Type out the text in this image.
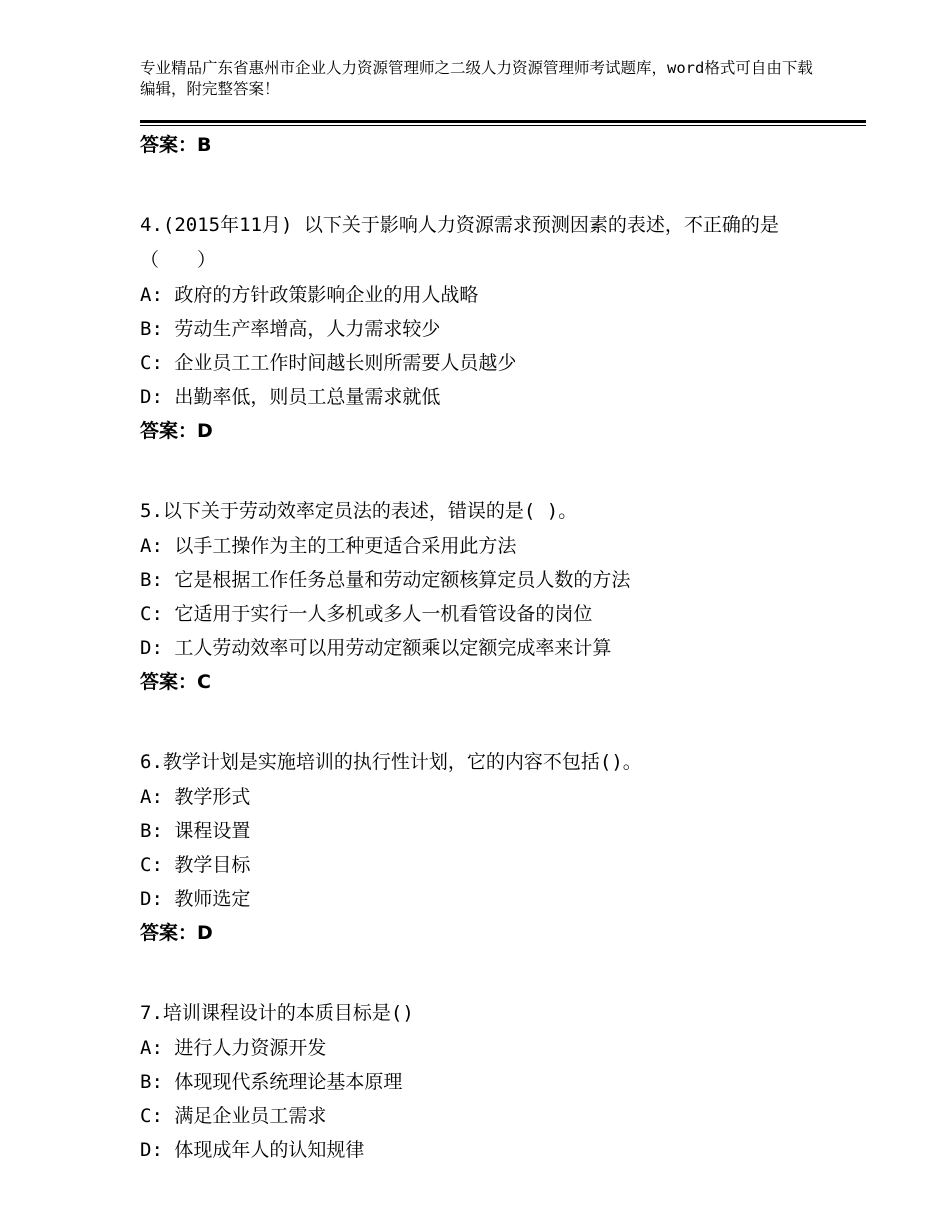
专业精品广东省惠州市企业人力资源管理师之二级人力资源管理师考试题库，word格式可自由下载编辑，附完整答案！
答案：B

4.(2015年11月) 以下关于影响人力资源需求预测因素的表述，不正确的是 （　　）

A: 政府的方针政策影响企业的用人战略

B: 劳动生产率增高，人力需求较少

C: 企业员工工作时间越长则所需要人员越少

D: 出勤率低，则员工总量需求就低

答案：D

5.以下关于劳动效率定员法的表述，错误的是( )。

A: 以手工操作为主的工种更适合采用此方法

B: 它是根据工作任务总量和劳动定额核算定员人数的方法

C: 它适用于实行一人多机或多人一机看管设备的岗位

D: 工人劳动效率可以用劳动定额乘以定额完成率来计算

答案：C

6.教学计划是实施培训的执行性计划，它的内容不包括()。

A: 教学形式

B: 课程设置

C: 教学目标

D: 教师选定

答案：D

7.培训课程设计的本质目标是()

A: 进行人力资源开发

B: 体现现代系统理论基本原理

C: 满足企业员工需求

D: 体现成年人的认知规律
